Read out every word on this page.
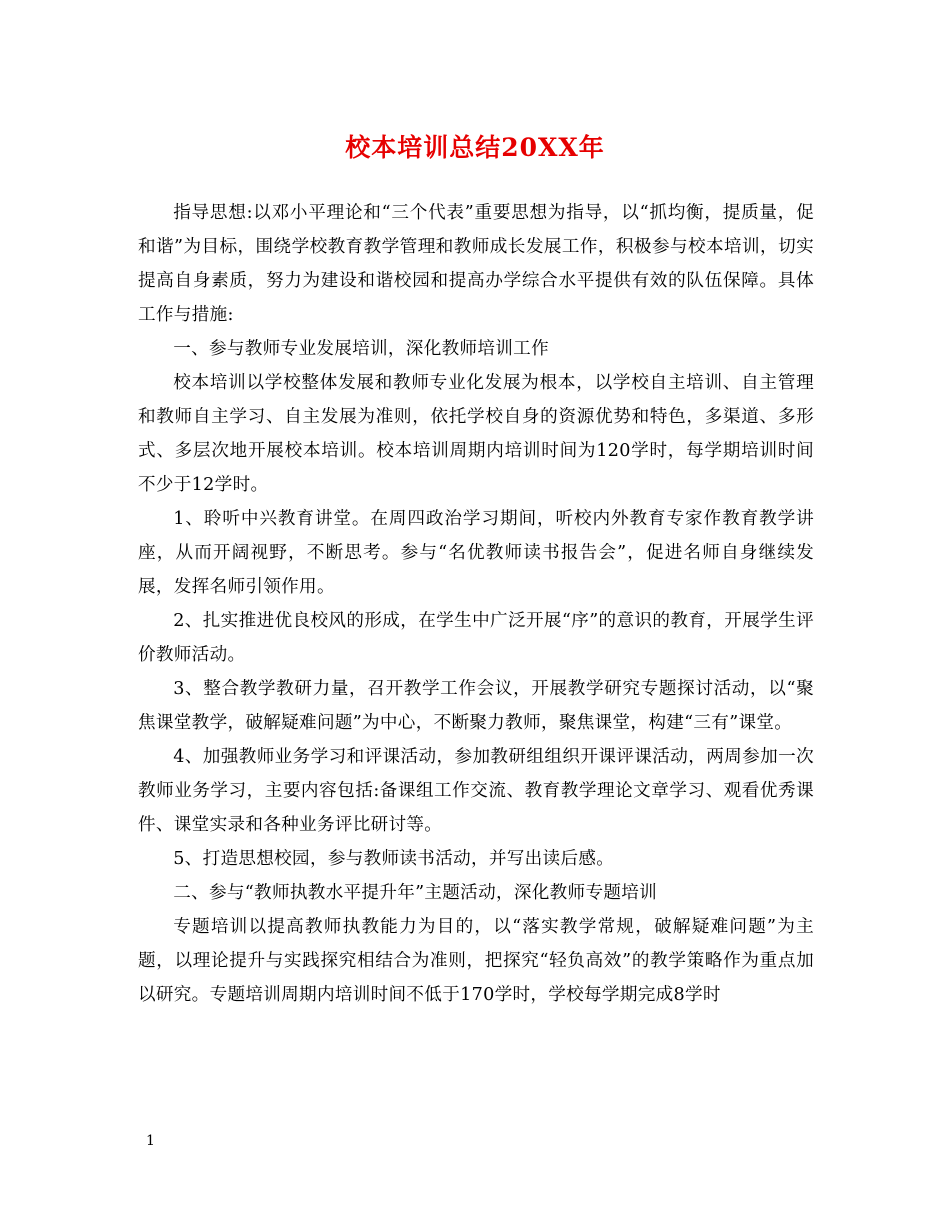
校本培训总结20XX年

指导思想:以邓小平理论和“三个代表”重要思想为指导，以“抓均衡，提质量，促和谐”为目标，围绕学校教育教学管理和教师成长发展工作，积极参与校本培训，切实提高自身素质，努力为建设和谐校园和提高办学综合水平提供有效的队伍保障。具体工作与措施:

一、参与教师专业发展培训，深化教师培训工作

校本培训以学校整体发展和教师专业化发展为根本，以学校自主培训、自主管理和教师自主学习、自主发展为准则，依托学校自身的资源优势和特色，多渠道、多形式、多层次地开展校本培训。校本培训周期内培训时间为120学时，每学期培训时间不少于12学时。

1、聆听中兴教育讲堂。在周四政治学习期间，听校内外教育专家作教育教学讲座，从而开阔视野，不断思考。参与“名优教师读书报告会”，促进名师自身继续发展，发挥名师引领作用。

2、扎实推进优良校风的形成，在学生中广泛开展“序”的意识的教育，开展学生评价教师活动。

3、整合教学教研力量，召开教学工作会议，开展教学研究专题探讨活动，以“聚焦课堂教学，破解疑难问题”为中心，不断聚力教师，聚焦课堂，构建“三有”课堂。

4、加强教师业务学习和评课活动，参加教研组组织开课评课活动，两周参加一次教师业务学习，主要内容包括:备课组工作交流、教育教学理论文章学习、观看优秀课件、课堂实录和各种业务评比研讨等。

5、打造思想校园，参与教师读书活动，并写出读后感。

二、参与“教师执教水平提升年”主题活动，深化教师专题培训

专题培训以提高教师执教能力为目的，以“落实教学常规，破解疑难问题”为主题，以理论提升与实践探究相结合为准则，把探究“轻负高效”的教学策略作为重点加以研究。专题培训周期内培训时间不低于170学时，学校每学期完成8学时

1
